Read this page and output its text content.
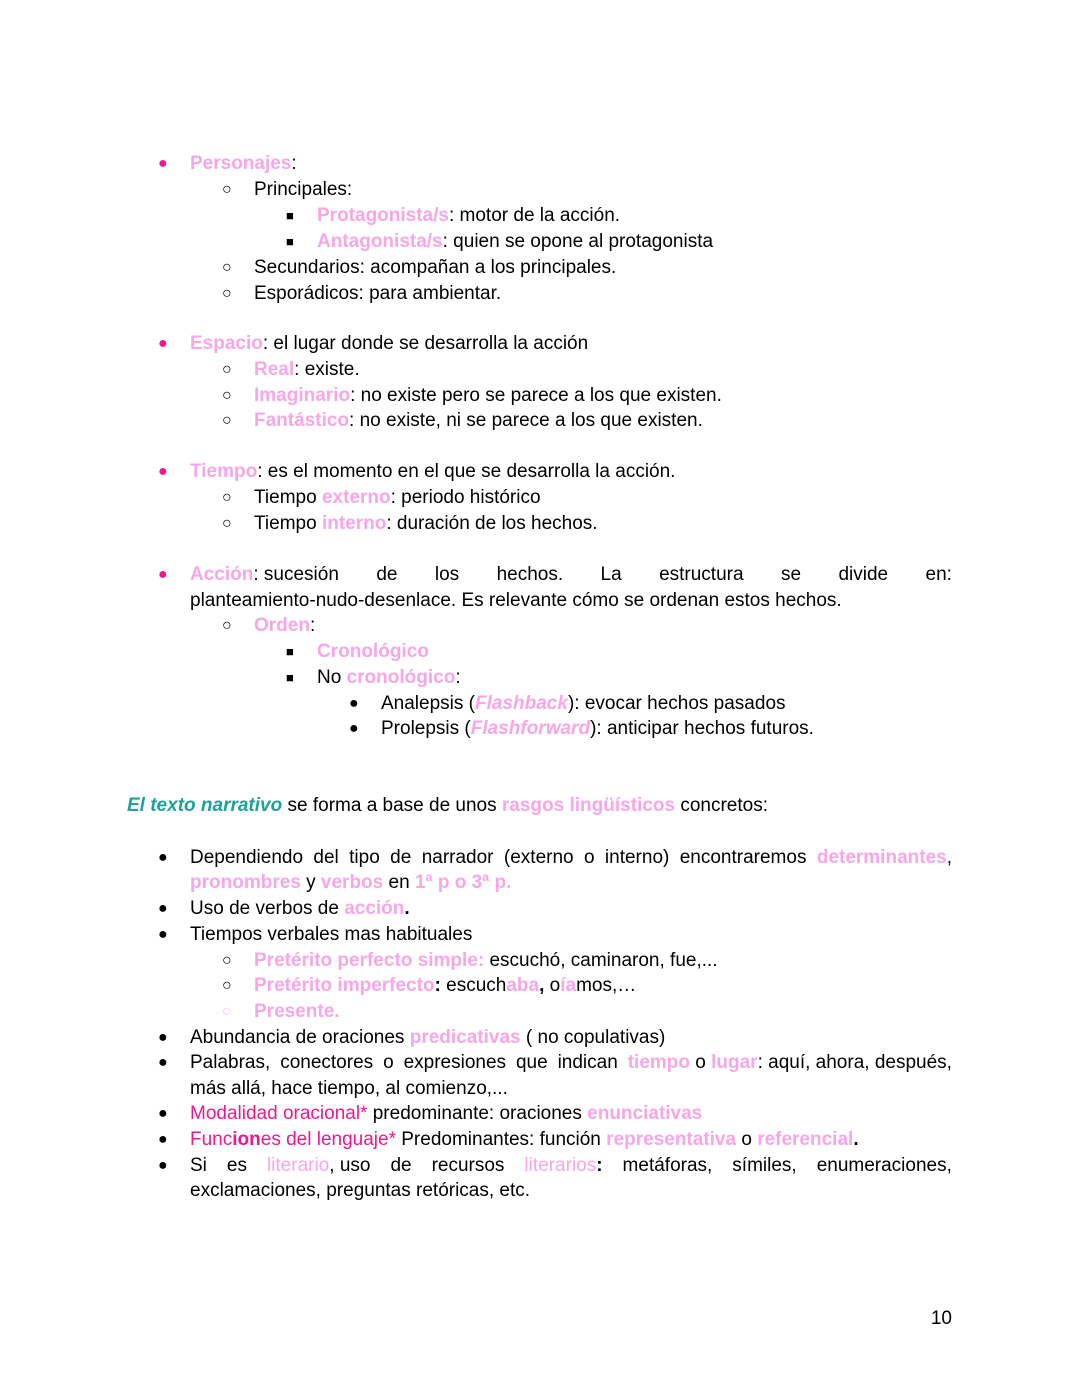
● Personajes:
○ Principales:
■ Protagonista/s: motor de la acción.
■ Antagonista/s: quien se opone al protagonista
○ Secundarios: acompañan a los principales.
○ Esporádicos: para ambientar.
● Espacio: el lugar donde se desarrolla la acción
○ Real: existe.
○ Imaginario: no existe pero se parece a los que existen.
○ Fantástico: no existe, ni se parece a los que existen.
● Tiempo: es el momento en el que se desarrolla la acción.
○ Tiempo externo: periodo histórico
○ Tiempo interno: duración de los hechos.
● Acción: sucesión de los hechos. La estructura se divide en:
planteamiento-nudo-desenlace. Es relevante cómo se ordenan estos hechos.
○ Orden:
■ Cronológico
■ No cronológico:
● Analepsis (Flashback): evocar hechos pasados
● Prolepsis (Flashforward): anticipar hechos futuros.
El texto narrativo se forma a base de unos rasgos lingüísticos concretos:
● Dependiendo del tipo de narrador (externo o interno) encontraremos determinantes,
pronombres y verbos en 1ª p o 3ª p.
● Uso de verbos de acción.
● Tiempos verbales mas habituales
○ Pretérito perfecto simple: escuchó, caminaron, fue,...
○ Pretérito imperfecto: escuchaba, oíamos,…
○ Presente.
● Abundancia de oraciones predicativas ( no copulativas)
● Palabras, conectores o expresiones que indican tiempo o lugar: aquí, ahora, después,
más allá, hace tiempo, al comienzo,...
● Modalidad oracional* predominante: oraciones enunciativas
● Funciones del lenguaje* Predominantes: función representativa o referencial.
● Si es literario, uso de recursos literarios: metáforas, símiles, enumeraciones,
exclamaciones, preguntas retóricas, etc.
10
